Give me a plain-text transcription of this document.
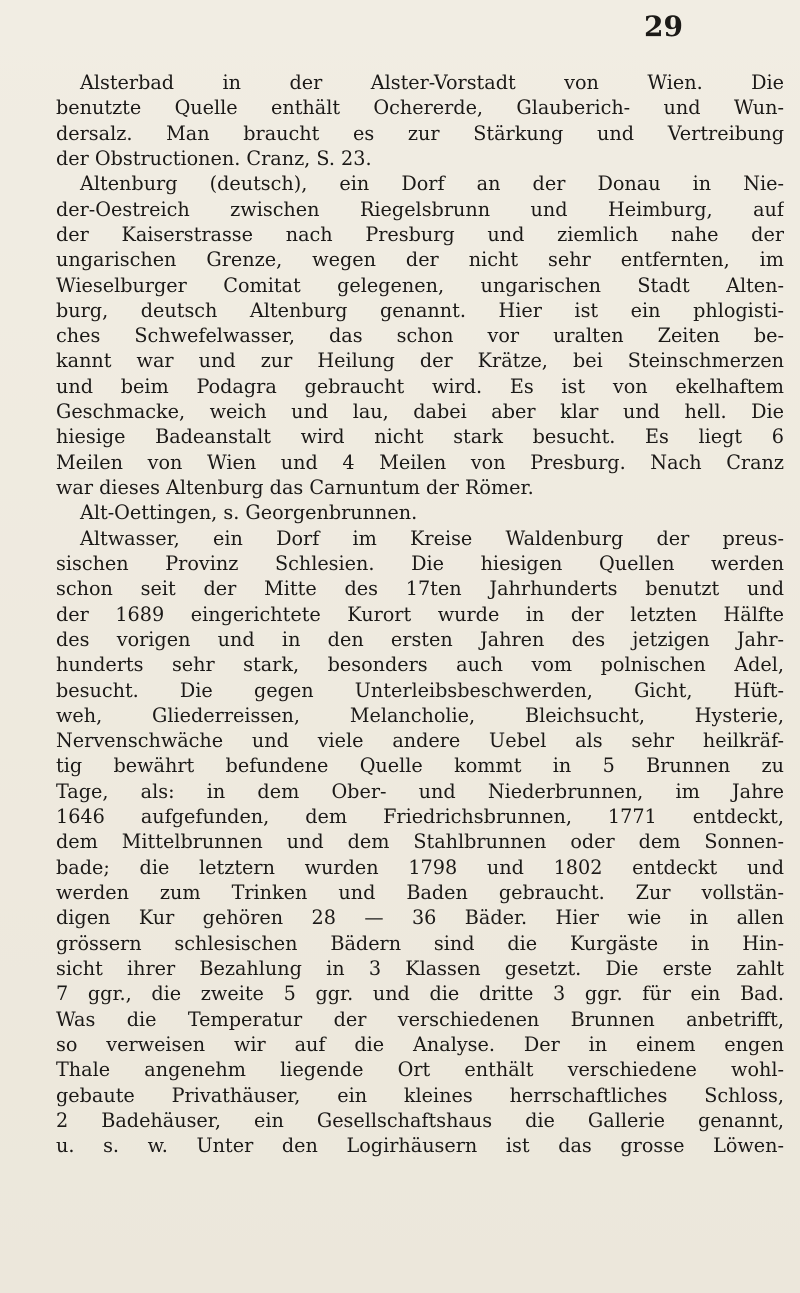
29
Alsterbad in der Alster-Vorstadt von Wien. Die
benutzte Quelle enthält Ochererde, Glauberich- und Wun-
dersalz. Man braucht es zur Stärkung und Vertreibung
der Obstructionen. Cranz, S. 23.
Altenburg (deutsch), ein Dorf an der Donau in Nie-
der-Oestreich zwischen Riegelsbrunn und Heimburg, auf
der Kaiserstrasse nach Presburg und ziemlich nahe der
ungarischen Grenze, wegen der nicht sehr entfernten, im
Wieselburger Comitat gelegenen, ungarischen Stadt Alten-
burg, deutsch Altenburg genannt. Hier ist ein phlogisti-
ches Schwefelwasser, das schon vor uralten Zeiten be-
kannt war und zur Heilung der Krätze, bei Steinschmerzen
und beim Podagra gebraucht wird. Es ist von ekelhaftem
Geschmacke, weich und lau, dabei aber klar und hell. Die
hiesige Badeanstalt wird nicht stark besucht. Es liegt 6
Meilen von Wien und 4 Meilen von Presburg. Nach Cranz
war dieses Altenburg das Carnuntum der Römer.
Alt-Oettingen, s. Georgenbrunnen.
Altwasser, ein Dorf im Kreise Waldenburg der preus-
sischen Provinz Schlesien. Die hiesigen Quellen werden
schon seit der Mitte des 17ten Jahrhunderts benutzt und
der 1689 eingerichtete Kurort wurde in der letzten Hälfte
des vorigen und in den ersten Jahren des jetzigen Jahr-
hunderts sehr stark, besonders auch vom polnischen Adel,
besucht. Die gegen Unterleibsbeschwerden, Gicht, Hüft-
weh, Gliederreissen, Melancholie, Bleichsucht, Hysterie,
Nervenschwäche und viele andere Uebel als sehr heilkräf-
tig bewährt befundene Quelle kommt in 5 Brunnen zu
Tage, als: in dem Ober- und Niederbrunnen, im Jahre
1646 aufgefunden, dem Friedrichsbrunnen, 1771 entdeckt,
dem Mittelbrunnen und dem Stahlbrunnen oder dem Sonnen-
bade; die letztern wurden 1798 und 1802 entdeckt und
werden zum Trinken und Baden gebraucht. Zur vollstän-
digen Kur gehören 28 — 36 Bäder. Hier wie in allen
grössern schlesischen Bädern sind die Kurgäste in Hin-
sicht ihrer Bezahlung in 3 Klassen gesetzt. Die erste zahlt
7 ggr., die zweite 5 ggr. und die dritte 3 ggr. für ein Bad.
Was die Temperatur der verschiedenen Brunnen anbetrifft,
so verweisen wir auf die Analyse. Der in einem engen
Thale angenehm liegende Ort enthält verschiedene wohl-
gebaute Privathäuser, ein kleines herrschaftliches Schloss,
2 Badehäuser, ein Gesellschaftshaus die Gallerie genannt,
u. s. w. Unter den Logirhäusern ist das grosse Löwen-
